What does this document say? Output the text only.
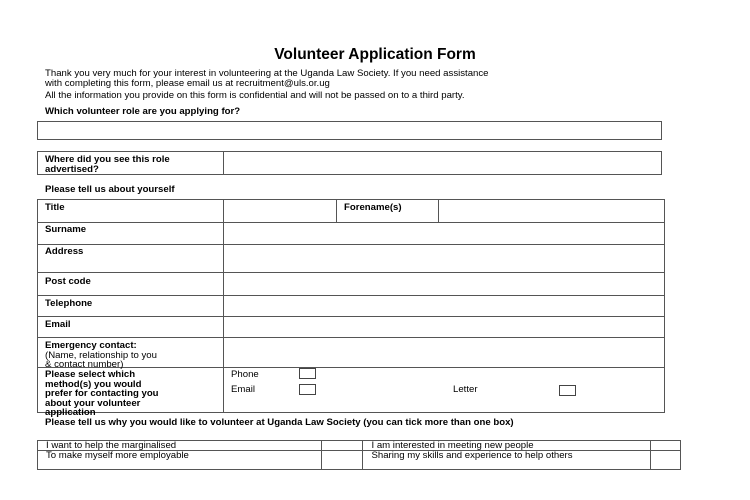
Volunteer Application Form
Thank you very much for your interest in volunteering at the Uganda Law Society. If you need assistance
with completing this form, please email us at recruitment@uls.or.ug
All the information you provide on this form is confidential and will not be passed on to a third party.
Which volunteer role are you applying for?
Where did you see this role advertised?
Please tell us about yourself
Title	Forename(s)
Surname
Address
Post code
Telephone
Email
Emergency contact:
(Name, relationship to you
& contact number)
Please select which
method(s) you would
prefer for contacting you
about your volunteer
application
Phone
Email	Letter
Please tell us why you would like to volunteer at Uganda Law Society (you can tick more than one box)
I want to help the marginalised		I am interested in meeting new people	
To make myself more employable		Sharing my skills and experience to help others	
